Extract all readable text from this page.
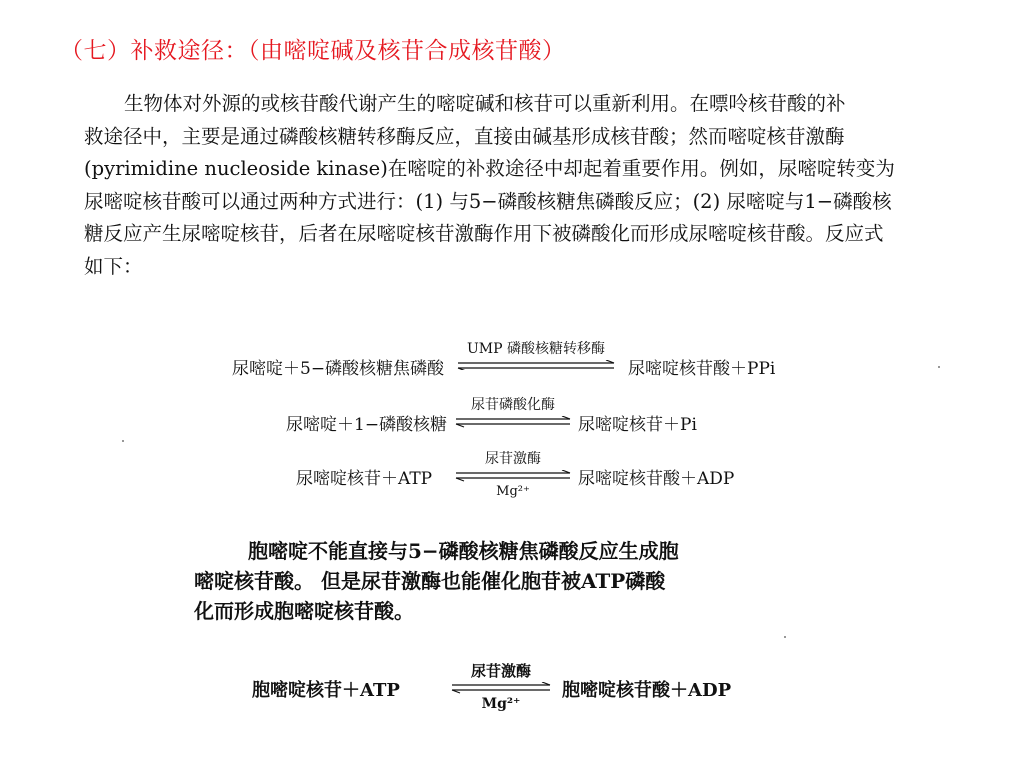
（七）补救途径：（由嘧啶碱及核苷合成核苷酸）
生物体对外源的或核苷酸代谢产生的嘧啶碱和核苷可以重新利用。在嘌呤核苷酸的补
救途径中，主要是通过磷酸核糖转移酶反应，直接由碱基形成核苷酸；然而嘧啶核苷激酶
(pyrimidine nucleoside kinase)在嘧啶的补救途径中却起着重要作用。例如，尿嘧啶转变为
尿嘧啶核苷酸可以通过两种方式进行：(1) 与5−磷酸核糖焦磷酸反应；(2) 尿嘧啶与1−磷酸核
糖反应产生尿嘧啶核苷，后者在尿嘧啶核苷激酶作用下被磷酸化而形成尿嘧啶核苷酸。反应式
如下：
尿嘧啶＋5−磷酸核糖焦磷酸
UMP 磷酸核糖转移酶
尿嘧啶核苷酸＋PPi
尿嘧啶＋1−磷酸核糖
尿苷磷酸化酶
尿嘧啶核苷＋Pi
尿嘧啶核苷＋ATP
尿苷激酶
Mg²⁺
尿嘧啶核苷酸＋ADP
胞嘧啶不能直接与5−磷酸核糖焦磷酸反应生成胞
嘧啶核苷酸。 但是尿苷激酶也能催化胞苷被ATP磷酸
化而形成胞嘧啶核苷酸。
胞嘧啶核苷＋ATP
尿苷激酶
Mg²⁺
胞嘧啶核苷酸＋ADP
